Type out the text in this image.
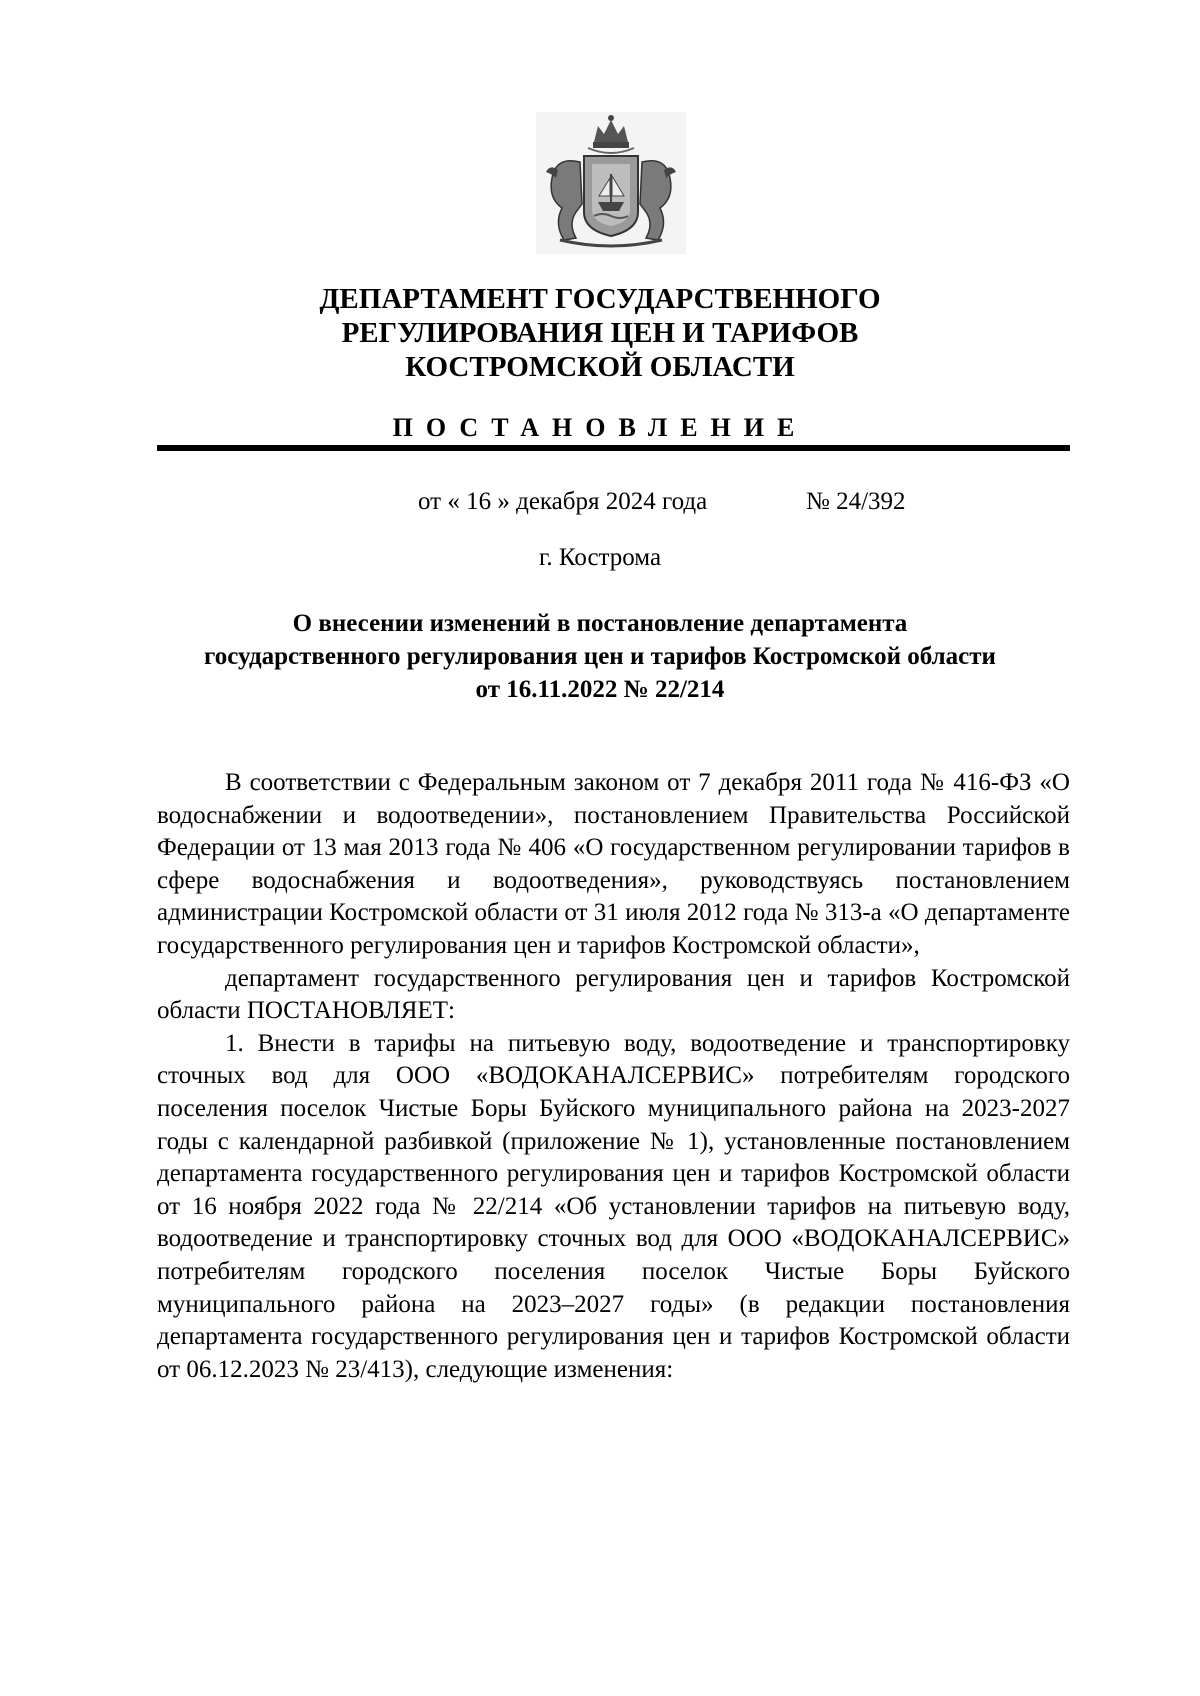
ДЕПАРТАМЕНТ ГОСУДАРСТВЕННОГО
РЕГУЛИРОВАНИЯ ЦЕН И ТАРИФОВ
КОСТРОМСКОЙ ОБЛАСТИ
ПОСТАНОВЛЕНИЕ
от « 16 » декабря 2024 года	№ 24/392
г. Кострома
О внесении изменений в постановление департамента
государственного регулирования цен и тарифов Костромской области
от 16.11.2022 № 22/214

В соответствии с Федеральным законом от 7 декабря 2011 года № 416-ФЗ «О водоснабжении и водоотведении», постановлением Правительства Российской Федерации от 13 мая 2013 года № 406 «О государственном регулировании тарифов в сфере водоснабжения и водоотведения», руководствуясь постановлением администрации Костромской области от 31 июля 2012 года № 313-а «О департаменте государственного регулирования цен и тарифов Костромской области»,

департамент государственного регулирования цен и тарифов Костромской области ПОСТАНОВЛЯЕТ:

1. Внести в тарифы на питьевую воду, водоотведение и транспортировку сточных вод для ООО «ВОДОКАНАЛСЕРВИС» потребителям городского поселения поселок Чистые Боры Буйского муниципального района на 2023-2027 годы с календарной разбивкой (приложение № 1), установленные постановлением департамента государственного регулирования цен и тарифов Костромской области от 16 ноября 2022 года № 22/214 «Об установлении тарифов на питьевую воду, водоотведение и транспортировку сточных вод для ООО «ВОДОКАНАЛСЕРВИС» потребителям городского поселения поселок Чистые Боры Буйского муниципального района на 2023–2027 годы» (в редакции постановления департамента государственного регулирования цен и тарифов Костромской области от 06.12.2023 № 23/413), следующие изменения:
